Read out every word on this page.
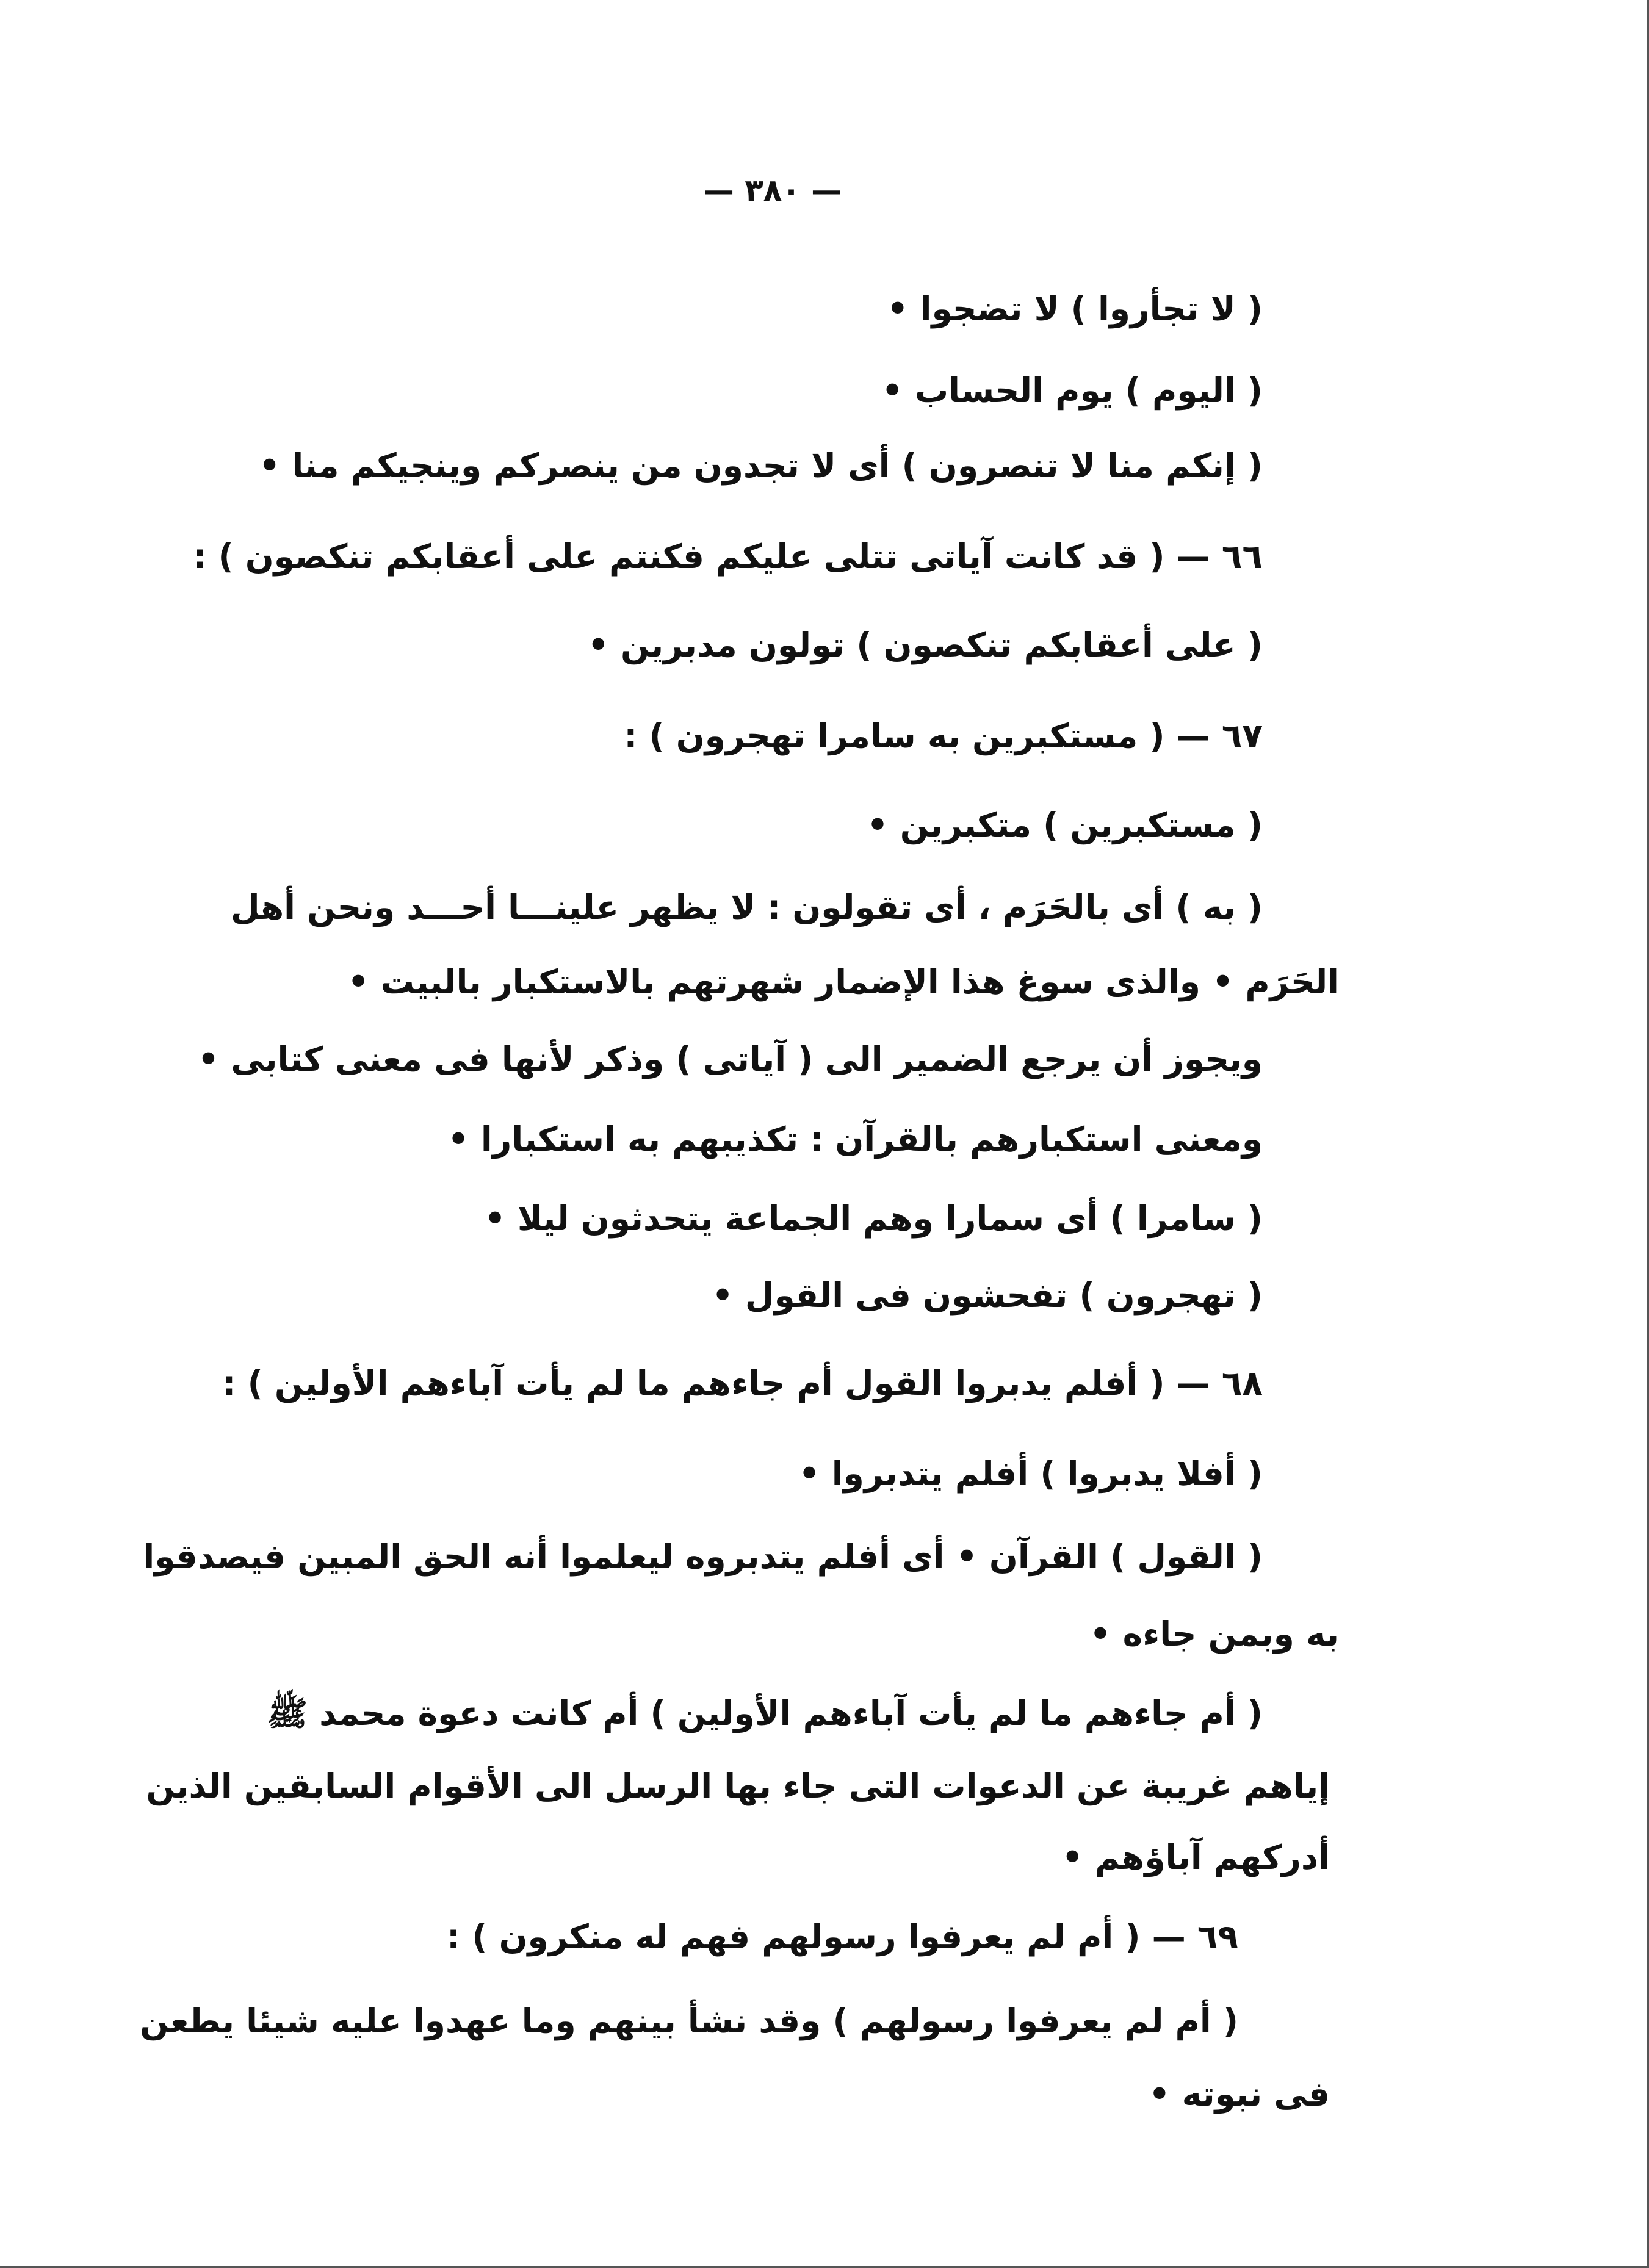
— ٣٨٠ —
( لا تجأروا ) لا تضجوا •
( اليوم ) يوم الحساب •
( إنكم منا لا تنصرون ) أى لا تجدون من ينصركم وينجيكم منا •
٦٦ — ( قد كانت آياتى تتلى عليكم فكنتم على أعقابكم تنكصون ) :
( على أعقابكم تنكصون ) تولون مدبرين •
٦٧ — ( مستكبرين به سامرا تهجرون ) :
( مستكبرين ) متكبرين •
( به ) أى بالحَرَم ، أى تقولون : لا يظهر علينـــا أحـــد ونحن أهل
الحَرَم • والذى سوغ هذا الإضمار شهرتهم بالاستكبار بالبيت •
ويجوز أن يرجع الضمير الى ( آياتى ) وذكر لأنها فى معنى كتابى •
ومعنى استكبارهم بالقرآن : تكذيبهم به استكبارا •
( سامرا ) أى سمارا وهم الجماعة يتحدثون ليلا •
( تهجرون ) تفحشون فى القول •
٦٨ — ( أفلم يدبروا القول أم جاءهم ما لم يأت آباءهم الأولين ) :
( أفلا يدبروا ) أفلم يتدبروا •
( القول ) القرآن • أى أفلم يتدبروه ليعلموا أنه الحق المبين فيصدقوا
به وبمن جاءه •
( أم جاءهم ما لم يأت آباءهم الأولين ) أم كانت دعوة محمد ﷺ
إياهم غريبة عن الدعوات التى جاء بها الرسل الى الأقوام السابقين الذين
أدركهم آباؤهم •
٦٩ — ( أم لم يعرفوا رسولهم فهم له منكرون ) :
( أم لم يعرفوا رسولهم ) وقد نشأ بينهم وما عهدوا عليه شيئا يطعن
فى نبوته •
